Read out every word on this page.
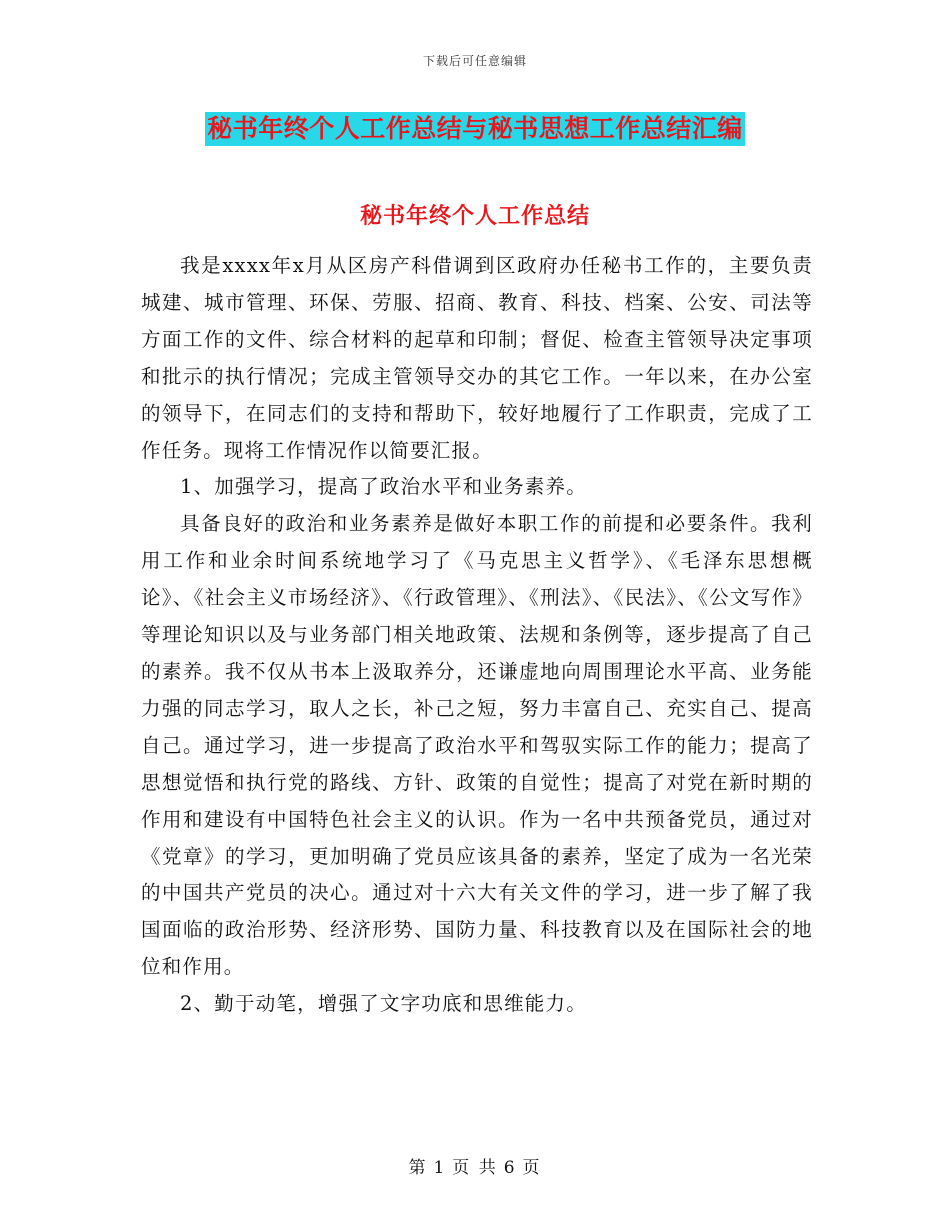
下载后可任意编辑
秘书年终个人工作总结与秘书思想工作总结汇编
秘书年终个人工作总结

我是xxxx年x月从区房产科借调到区政府办任秘书工作的，主要负责城建、城市管理、环保、劳服、招商、教育、科技、档案、公安、司法等方面工作的文件、综合材料的起草和印制；督促、检查主管领导决定事项和批示的执行情况；完成主管领导交办的其它工作。一年以来，在办公室的领导下，在同志们的支持和帮助下，较好地履行了工作职责，完成了工作任务。现将工作情况作以简要汇报。

1、加强学习，提高了政治水平和业务素养。

具备良好的政治和业务素养是做好本职工作的前提和必要条件。我利用工作和业余时间系统地学习了《马克思主义哲学》、《毛泽东思想概论》、《社会主义市场经济》、《行政管理》、《刑法》、《民法》、《公文写作》等理论知识以及与业务部门相关地政策、法规和条例等，逐步提高了自己的素养。我不仅从书本上汲取养分，还谦虚地向周围理论水平高、业务能力强的同志学习，取人之长，补己之短，努力丰富自己、充实自己、提高自己。通过学习，进一步提高了政治水平和驾驭实际工作的能力；提高了思想觉悟和执行党的路线、方针、政策的自觉性；提高了对党在新时期的作用和建设有中国特色社会主义的认识。作为一名中共预备党员，通过对《党章》的学习，更加明确了党员应该具备的素养，坚定了成为一名光荣的中国共产党员的决心。通过对十六大有关文件的学习，进一步了解了我国面临的政治形势、经济形势、国防力量、科技教育以及在国际社会的地位和作用。

2、勤于动笔，增强了文字功底和思维能力。

第 1 页 共 6 页
